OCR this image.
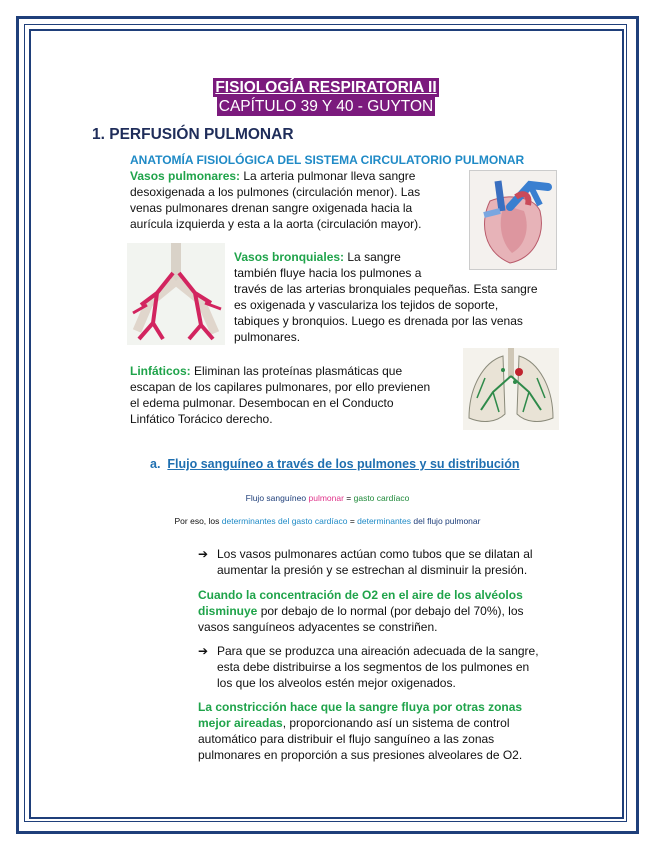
FISIOLOGÍA RESPIRATORIA II
CAPÍTULO 39 Y 40 - GUYTON
1. PERFUSIÓN PULMONAR
ANATOMÍA FISIOLÓGICA DEL SISTEMA CIRCULATORIO PULMONAR
Vasos pulmonares: La arteria pulmonar lleva sangre
desoxigenada a los pulmones (circulación menor). Las
venas pulmonares drenan sangre oxigenada hacia la
aurícula izquierda y esta a la aorta (circulación mayor).
Vasos bronquiales: La sangre
también fluye hacia los pulmones a
través de las arterias bronquiales pequeñas. Esta sangre
es oxigenada y vasculariza los tejidos de soporte,
tabiques y bronquios. Luego es drenada por las venas
pulmonares.
Linfáticos: Eliminan las proteínas plasmáticas que
escapan de los capilares pulmonares, por ello previenen
el edema pulmonar. Desembocan en el Conducto
Linfático Torácico derecho.
a. Flujo sanguíneo a través de los pulmones y su distribución
Flujo sanguíneo pulmonar = gasto cardíaco
Por eso, los determinantes del gasto cardíaco = determinantes del flujo pulmonar
➔ Los vasos pulmonares actúan como tubos que se dilatan al
aumentar la presión y se estrechan al disminuir la presión.
Cuando la concentración de O2 en el aire de los alvéolos
disminuye por debajo de lo normal (por debajo del 70%), los
vasos sanguíneos adyacentes se constriñen.
➔ Para que se produzca una aireación adecuada de la sangre,
esta debe distribuirse a los segmentos de los pulmones en
los que los alveolos estén mejor oxigenados.
La constricción hace que la sangre fluya por otras zonas
mejor aireadas, proporcionando así un sistema de control
automático para distribuir el flujo sanguíneo a las zonas
pulmonares en proporción a sus presiones alveolares de O2.
